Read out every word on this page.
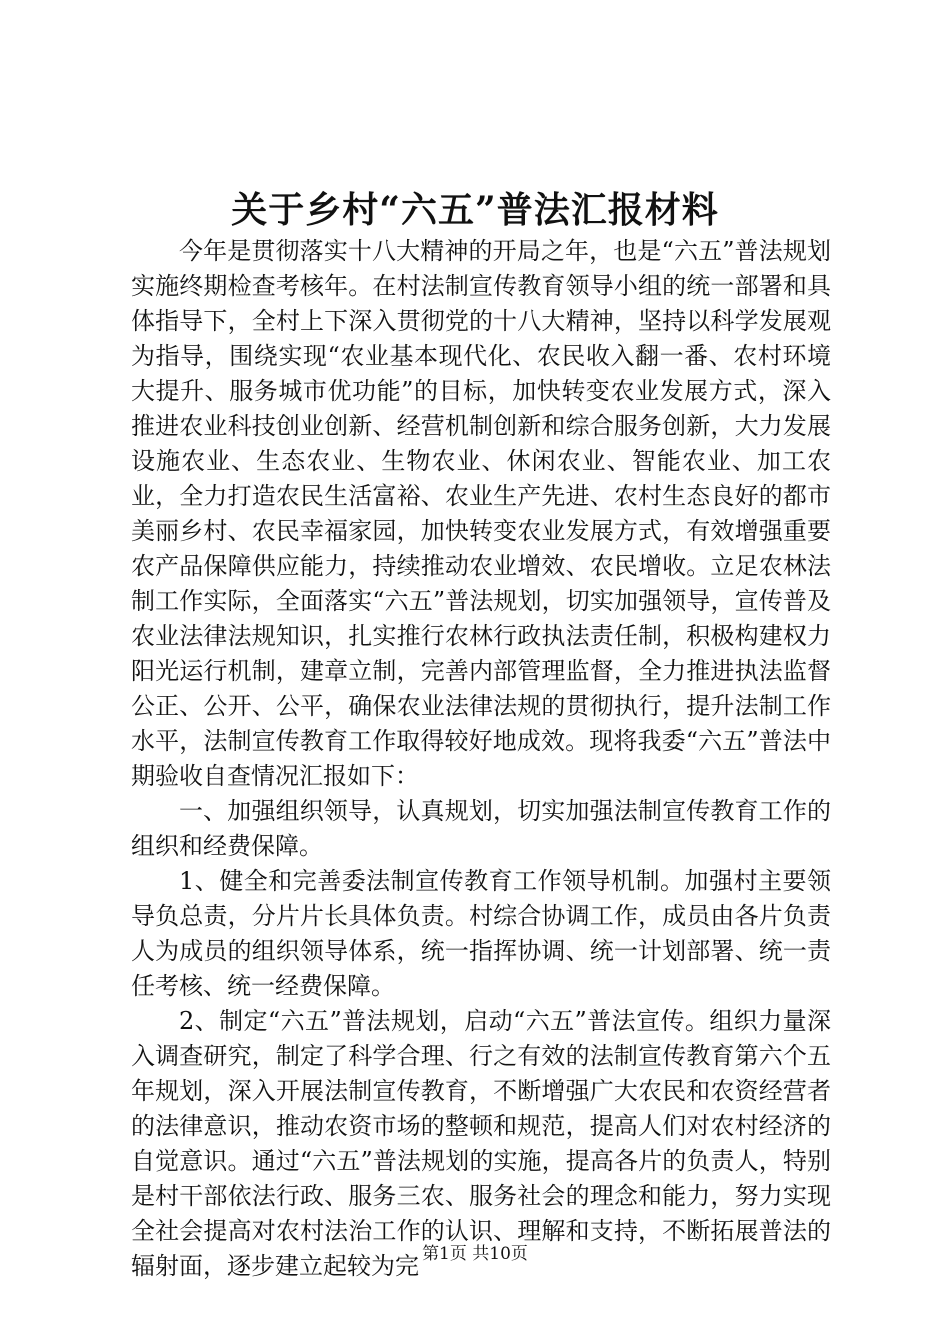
关于乡村“六五”普法汇报材料

今年是贯彻落实十八大精神的开局之年，也是“六五”普法规划实施终期检查考核年。在村法制宣传教育领导小组的统一部署和具体指导下，全村上下深入贯彻党的十八大精神，坚持以科学发展观为指导，围绕实现“农业基本现代化、农民收入翻一番、农村环境大提升、服务城市优功能”的目标，加快转变农业发展方式，深入推进农业科技创业创新、经营机制创新和综合服务创新，大力发展设施农业、生态农业、生物农业、休闲农业、智能农业、加工农业，全力打造农民生活富裕、农业生产先进、农村生态良好的都市美丽乡村、农民幸福家园，加快转变农业发展方式，有效增强重要农产品保障供应能力，持续推动农业增效、农民增收。立足农林法制工作实际，全面落实“六五”普法规划，切实加强领导，宣传普及农业法律法规知识，扎实推行农林行政执法责任制，积极构建权力阳光运行机制，建章立制，完善内部管理监督，全力推进执法监督公正、公开、公平，确保农业法律法规的贯彻执行，提升法制工作水平，法制宣传教育工作取得较好地成效。现将我委“六五”普法中期验收自查情况汇报如下：

一、加强组织领导，认真规划，切实加强法制宣传教育工作的组织和经费保障。

1、健全和完善委法制宣传教育工作领导机制。加强村主要领导负总责，分片片长具体负责。村综合协调工作，成员由各片负责人为成员的组织领导体系，统一指挥协调、统一计划部署、统一责任考核、统一经费保障。

2、制定“六五”普法规划，启动“六五”普法宣传。组织力量深入调查研究，制定了科学合理、行之有效的法制宣传教育第六个五年规划，深入开展法制宣传教育，不断增强广大农民和农资经营者的法律意识，推动农资市场的整顿和规范，提高人们对农村经济的自觉意识。通过“六五”普法规划的实施，提高各片的负责人，特别是村干部依法行政、服务三农、服务社会的理念和能力，努力实现全社会提高对农村法治工作的认识、理解和支持，不断拓展普法的辐射面，逐步建立起较为完 第1页 共10页
